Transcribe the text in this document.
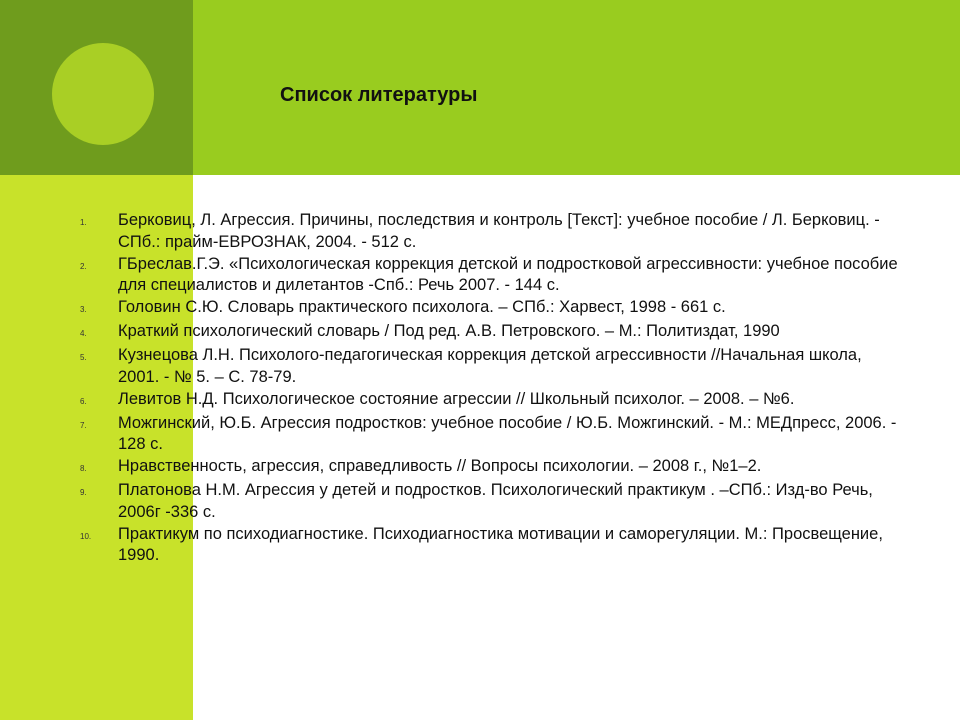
Список литературы
1.	Берковиц, Л. Агрессия. Причины, последствия и контроль [Текст]: учебное пособие / Л. Берковиц. - СПб.: прайм-ЕВРОЗНАК, 2004. - 512 с.
2.	ГБреслав.Г.Э. «Психологическая коррекция детской и подростковой агрессивности: учебное пособие для специалистов и дилетантов -Спб.: Речь 2007. - 144 с.
3.	Головин С.Ю. Словарь практического психолога. – СПб.: Харвест, 1998 - 661 с.
4.	Краткий психологический словарь / Под ред. А.В. Петровского. – М.: Политиздат, 1990
5.	Кузнецова Л.Н. Психолого-педагогическая коррекция детской агрессивности //Начальная школа, 2001. - № 5. – С. 78-79.
6.	Левитов Н.Д. Психологическое состояние агрессии // Школьный психолог. – 2008. – №6.
7.	Можгинский, Ю.Б. Агрессия подростков: учебное пособие / Ю.Б. Можгинский. - М.: МЕДпресс, 2006. - 128 с.
8.	Нравственность, агрессия, справедливость // Вопросы психологии. – 2008 г., №1–2.
9.	Платонова Н.М. Агрессия у детей и подростков. Психологический практикум . –СПб.: Изд-во Речь, 2006г -336 с.
10.	Практикум по психодиагностике. Психодиагностика мотивации и саморегуляции. М.: Просвещение, 1990.
